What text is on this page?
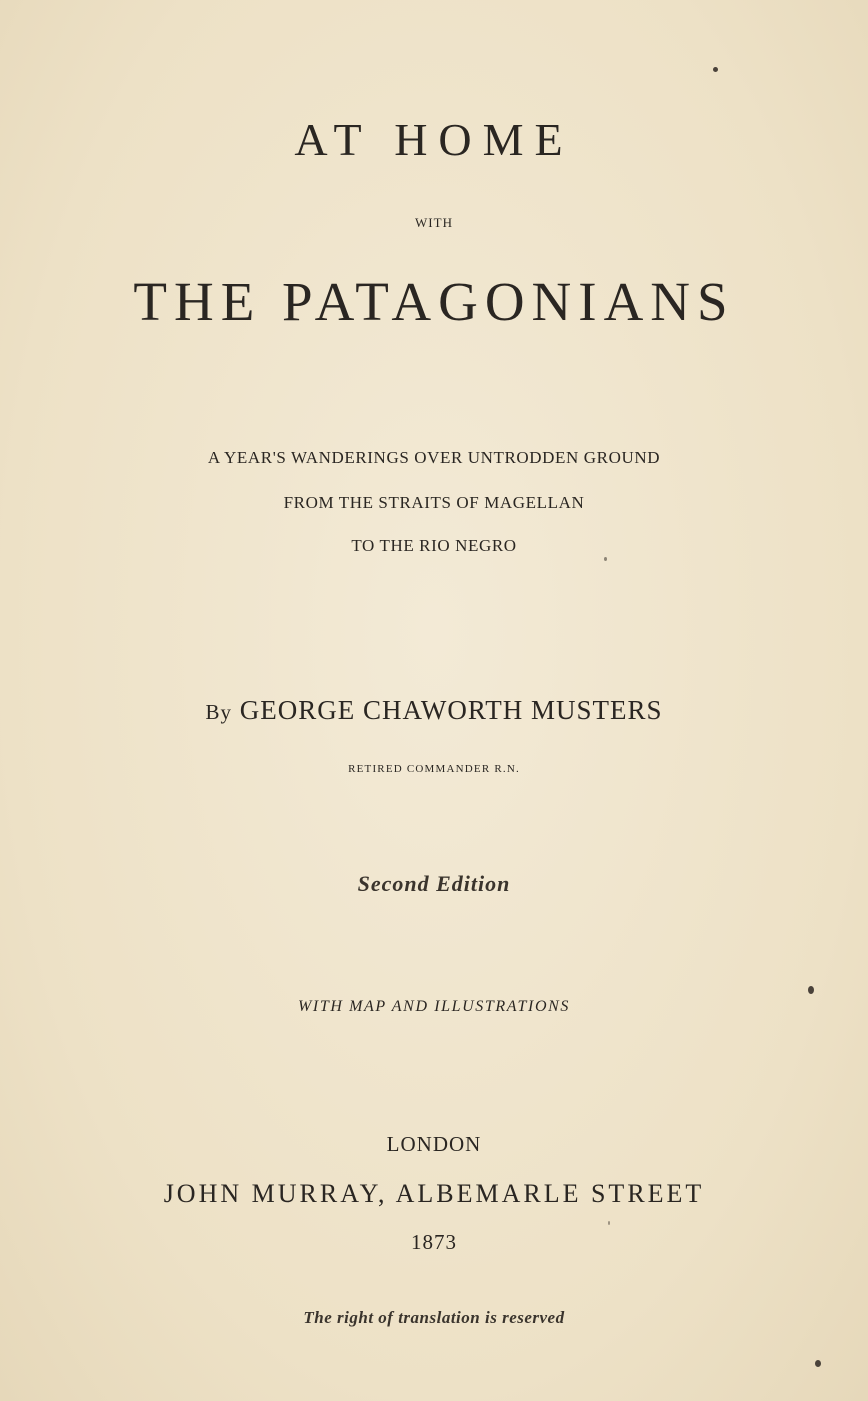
AT HOME
WITH
THE PATAGONIANS
A YEAR'S WANDERINGS OVER UNTRODDEN GROUND
FROM THE STRAITS OF MAGELLAN
TO THE RIO NEGRO
By GEORGE CHAWORTH MUSTERS
RETIRED COMMANDER R.N.
Second Edition
WITH MAP AND ILLUSTRATIONS
LONDON
JOHN MURRAY, ALBEMARLE STREET
1873
The right of translation is reserved
